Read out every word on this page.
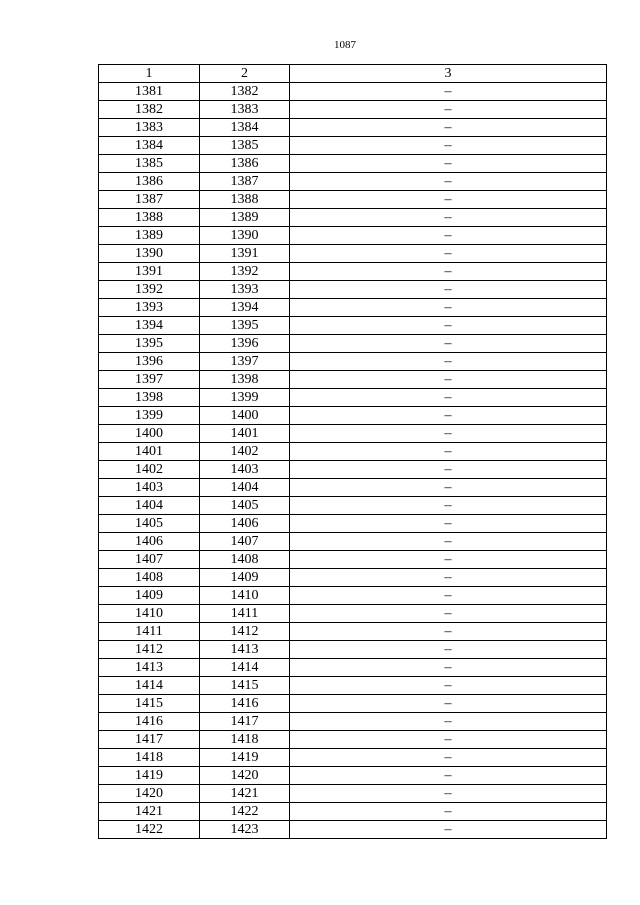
1087
1	2	3
1381	1382	–
1382	1383	–
1383	1384	–
1384	1385	–
1385	1386	–
1386	1387	–
1387	1388	–
1388	1389	–
1389	1390	–
1390	1391	–
1391	1392	–
1392	1393	–
1393	1394	–
1394	1395	–
1395	1396	–
1396	1397	–
1397	1398	–
1398	1399	–
1399	1400	–
1400	1401	–
1401	1402	–
1402	1403	–
1403	1404	–
1404	1405	–
1405	1406	–
1406	1407	–
1407	1408	–
1408	1409	–
1409	1410	–
1410	1411	–
1411	1412	–
1412	1413	–
1413	1414	–
1414	1415	–
1415	1416	–
1416	1417	–
1417	1418	–
1418	1419	–
1419	1420	–
1420	1421	–
1421	1422	–
1422	1423	–
